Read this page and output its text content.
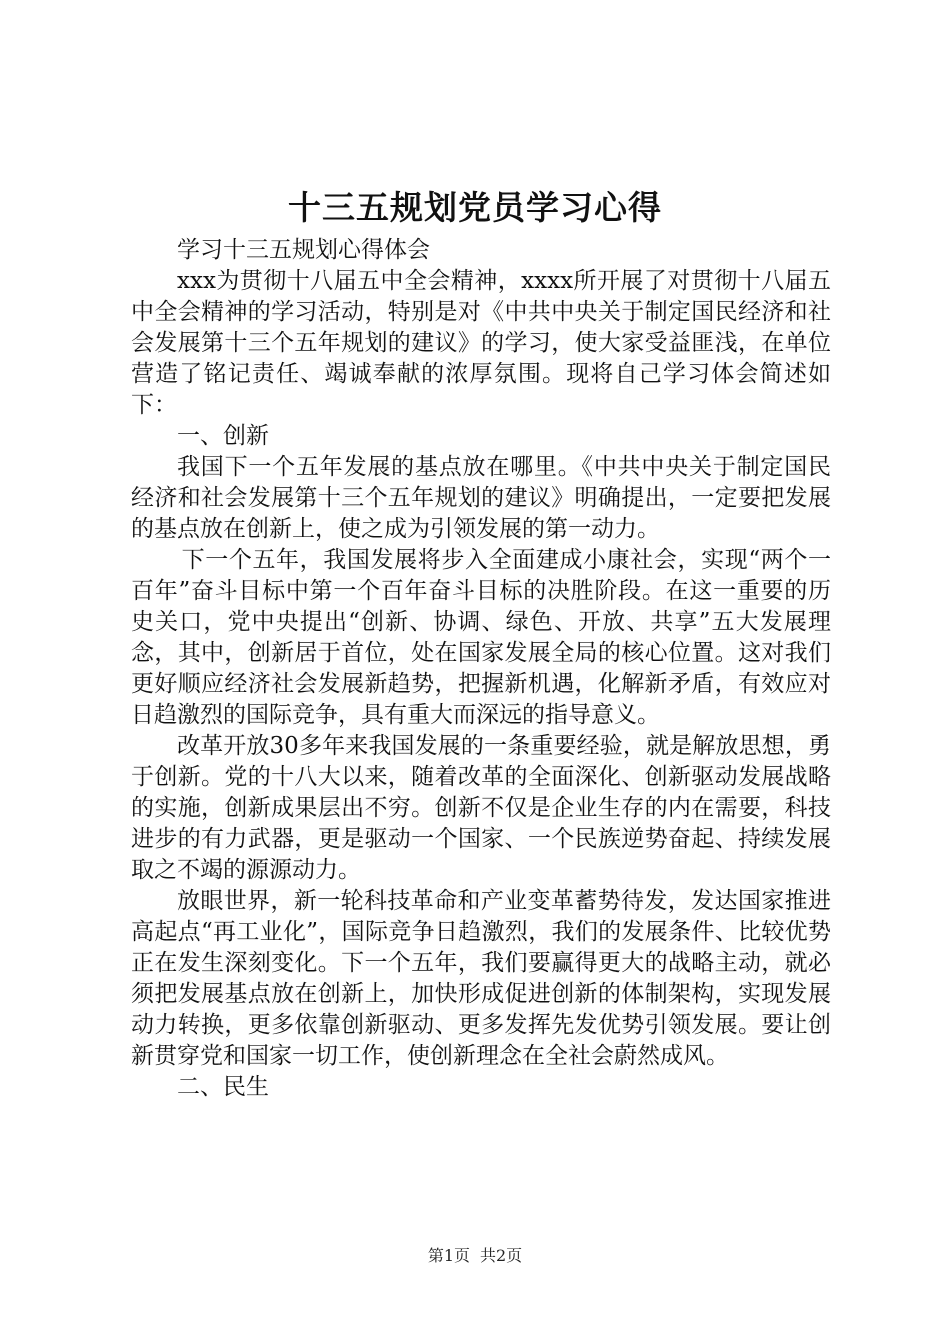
十三五规划党员学习心得

学习十三五规划心得体会

xxx为贯彻十八届五中全会精神，xxxx所开展了对贯彻十八届五中全会精神的学习活动，特别是对《中共中央关于制定国民经济和社会发展第十三个五年规划的建议》的学习，使大家受益匪浅，在单位营造了铭记责任、竭诚奉献的浓厚氛围。现将自己学习体会简述如下：

一、创新

我国下一个五年发展的基点放在哪里。《中共中央关于制定国民经济和社会发展第十三个五年规划的建议》明确提出，一定要把发展的基点放在创新上，使之成为引领发展的第一动力。

下一个五年，我国发展将步入全面建成小康社会，实现“两个一百年”奋斗目标中第一个百年奋斗目标的决胜阶段。在这一重要的历史关口，党中央提出“创新、协调、绿色、开放、共享”五大发展理念，其中，创新居于首位，处在国家发展全局的核心位置。这对我们更好顺应经济社会发展新趋势，把握新机遇，化解新矛盾，有效应对日趋激烈的国际竞争，具有重大而深远的指导意义。

改革开放30多年来我国发展的一条重要经验，就是解放思想，勇于创新。党的十八大以来，随着改革的全面深化、创新驱动发展战略的实施，创新成果层出不穷。创新不仅是企业生存的内在需要，科技进步的有力武器，更是驱动一个国家、一个民族逆势奋起、持续发展取之不竭的源源动力。

放眼世界，新一轮科技革命和产业变革蓄势待发，发达国家推进高起点“再工业化”，国际竞争日趋激烈，我们的发展条件、比较优势正在发生深刻变化。下一个五年，我们要赢得更大的战略主动，就必须把发展基点放在创新上，加快形成促进创新的体制架构，实现发展动力转换，更多依靠创新驱动、更多发挥先发优势引领发展。要让创新贯穿党和国家一切工作，使创新理念在全社会蔚然成风。

二、民生

第1页 共2页
